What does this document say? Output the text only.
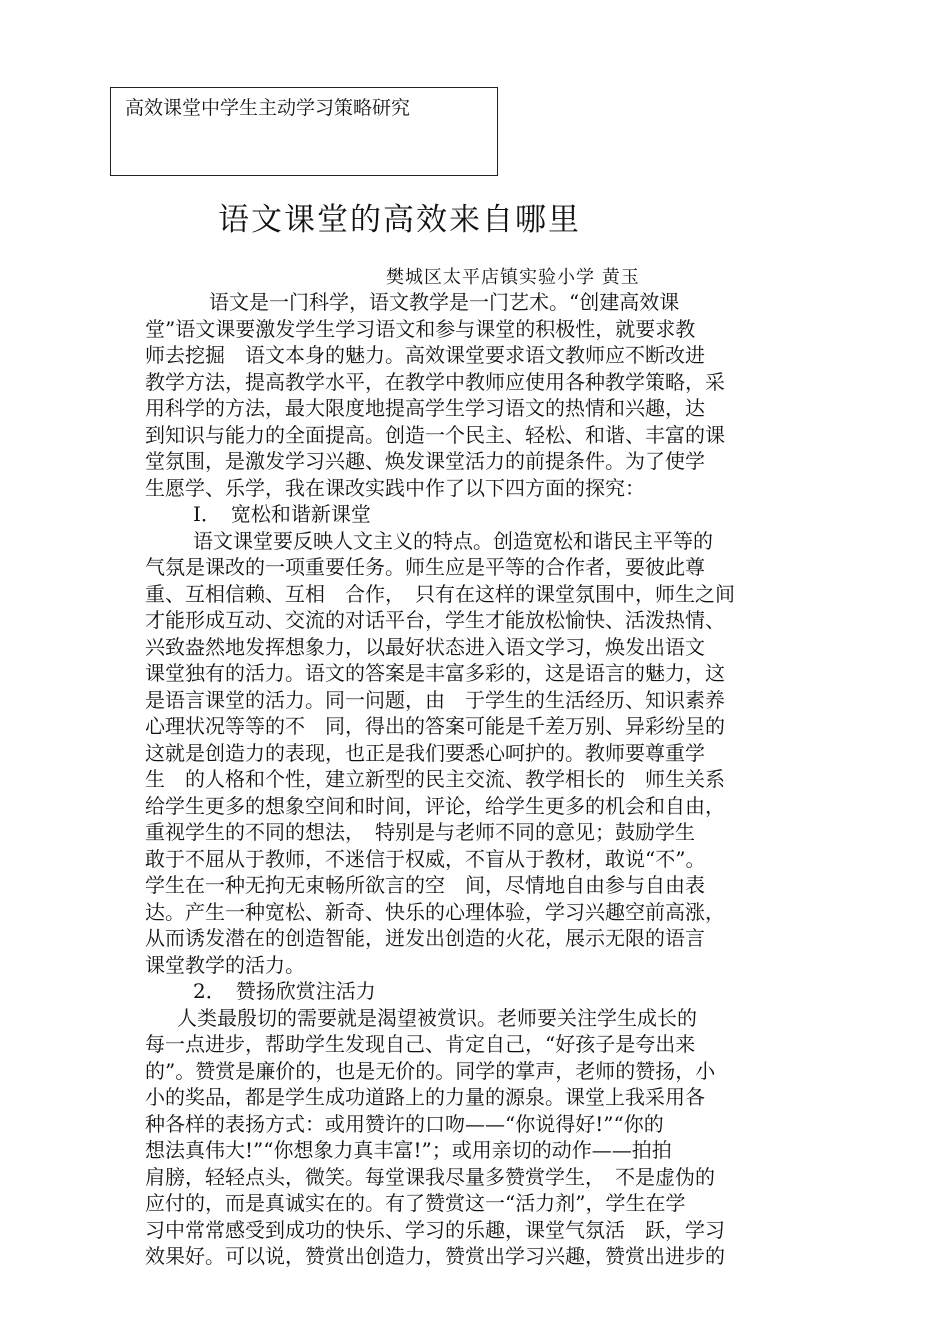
高效课堂中学生主动学习策略研究
语文课堂的高效来自哪里
樊城区太平店镇实验小学 黄玉
语文是一门科学，语文教学是一门艺术。“创建高效课
堂”语文课要激发学生学习语文和参与课堂的积极性，就要求教
师去挖掘　语文本身的魅力。高效课堂要求语文教师应不断改进
教学方法，提高教学水平，在教学中教师应使用各种教学策略，采
用科学的方法，最大限度地提高学生学习语文的热情和兴趣，达
到知识与能力的全面提高。创造一个民主、轻松、和谐、丰富的课
堂氛围，是激发学习兴趣、焕发课堂活力的前提条件。为了使学
生愿学、乐学，我在课改实践中作了以下四方面的探究：
I．　宽松和谐新课堂
语文课堂要反映人文主义的特点。创造宽松和谐民主平等的
气氛是课改的一项重要任务。师生应是平等的合作者，要彼此尊
重、互相信赖、互相　合作，　只有在这样的课堂氛围中，师生之间
才能形成互动、交流的对话平台，学生才能放松愉快、活泼热情、
兴致盎然地发挥想象力，以最好状态进入语文学习，焕发出语文
课堂独有的活力。语文的答案是丰富多彩的，这是语言的魅力，这
是语言课堂的活力。同一问题，由　于学生的生活经历、知识素养
心理状况等等的不　同，得出的答案可能是千差万别、异彩纷呈的
这就是创造力的表现，也正是我们要悉心呵护的。教师要尊重学
生　的人格和个性，建立新型的民主交流、教学相长的　师生关系
给学生更多的想象空间和时间，评论，给学生更多的机会和自由，
重视学生的不同的想法，　特别是与老师不同的意见；鼓励学生
敢于不屈从于教师，不迷信于权威，不盲从于教材，敢说“不”。
学生在一种无拘无束畅所欲言的空　间，尽情地自由参与自由表
达。产生一种宽松、新奇、快乐的心理体验，学习兴趣空前高涨，
从而诱发潜在的创造智能，迸发出创造的火花，展示无限的语言
课堂教学的活力。
2．　赞扬欣赏注活力
人类最殷切的需要就是渴望被赏识。老师要关注学生成长的
每一点进步，帮助学生发现自己、肯定自己，“好孩子是夸出来
的”。赞赏是廉价的，也是无价的。同学的掌声，老师的赞扬，小
小的奖品，都是学生成功道路上的力量的源泉。课堂上我采用各
种各样的表扬方式：或用赞许的口吻——“你说得好!”“你的
想法真伟大!”“你想象力真丰富!”；或用亲切的动作——拍拍
肩膀，轻轻点头，微笑。每堂课我尽量多赞赏学生，　不是虚伪的
应付的，而是真诚实在的。有了赞赏这一“活力剂”，学生在学
习中常常感受到成功的快乐、学习的乐趣，课堂气氛活　跃，学习
效果好。可以说，赞赏出创造力，赞赏出学习兴趣，赞赏出进步的
